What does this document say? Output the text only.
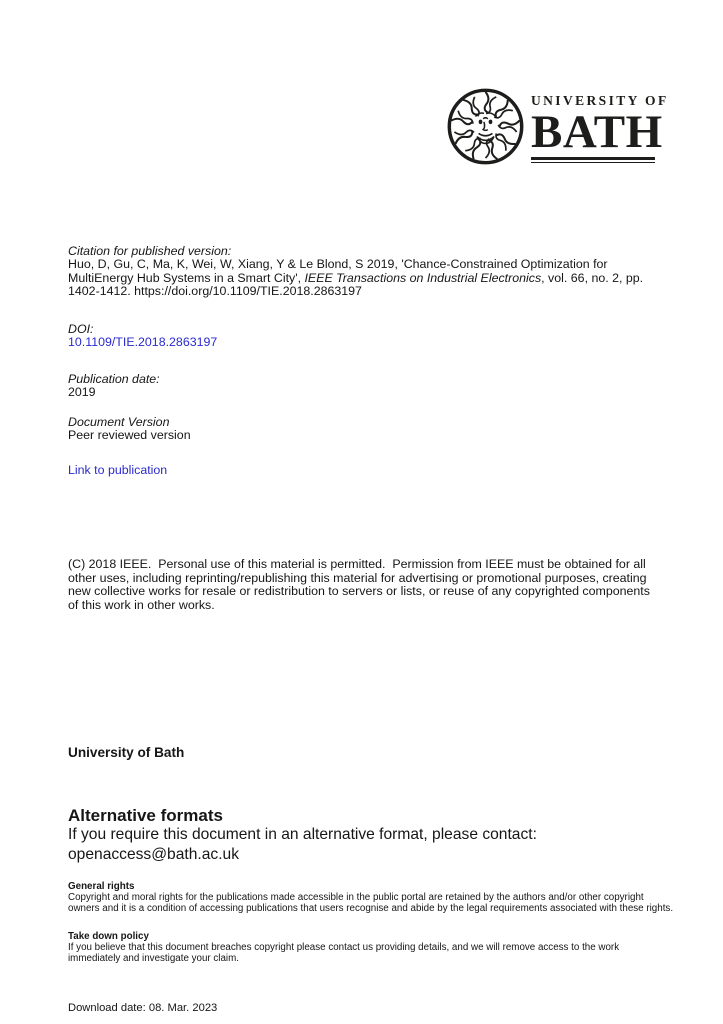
UNIVERSITY OF
BATH
Citation for published version:
Huo, D, Gu, C, Ma, K, Wei, W, Xiang, Y & Le Blond, S 2019, 'Chance-Constrained Optimization for MultiEnergy Hub Systems in a Smart City', IEEE Transactions on Industrial Electronics, vol. 66, no. 2, pp. 1402-1412. https://doi.org/10.1109/TIE.2018.2863197
DOI:
10.1109/TIE.2018.2863197
Publication date:
2019
Document Version
Peer reviewed version
Link to publication
(C) 2018 IEEE.  Personal use of this material is permitted.  Permission from IEEE must be obtained for all other uses, including reprinting/republishing this material for advertising or promotional purposes, creating new collective works for resale or redistribution to servers or lists, or reuse of any copyrighted components of this work in other works.
University of Bath
Alternative formats
If you require this document in an alternative format, please contact:
openaccess@bath.ac.uk
General rights
Copyright and moral rights for the publications made accessible in the public portal are retained by the authors and/or other copyright owners and it is a condition of accessing publications that users recognise and abide by the legal requirements associated with these rights.
Take down policy
If you believe that this document breaches copyright please contact us providing details, and we will remove access to the work immediately and investigate your claim.
Download date: 08. Mar. 2023
